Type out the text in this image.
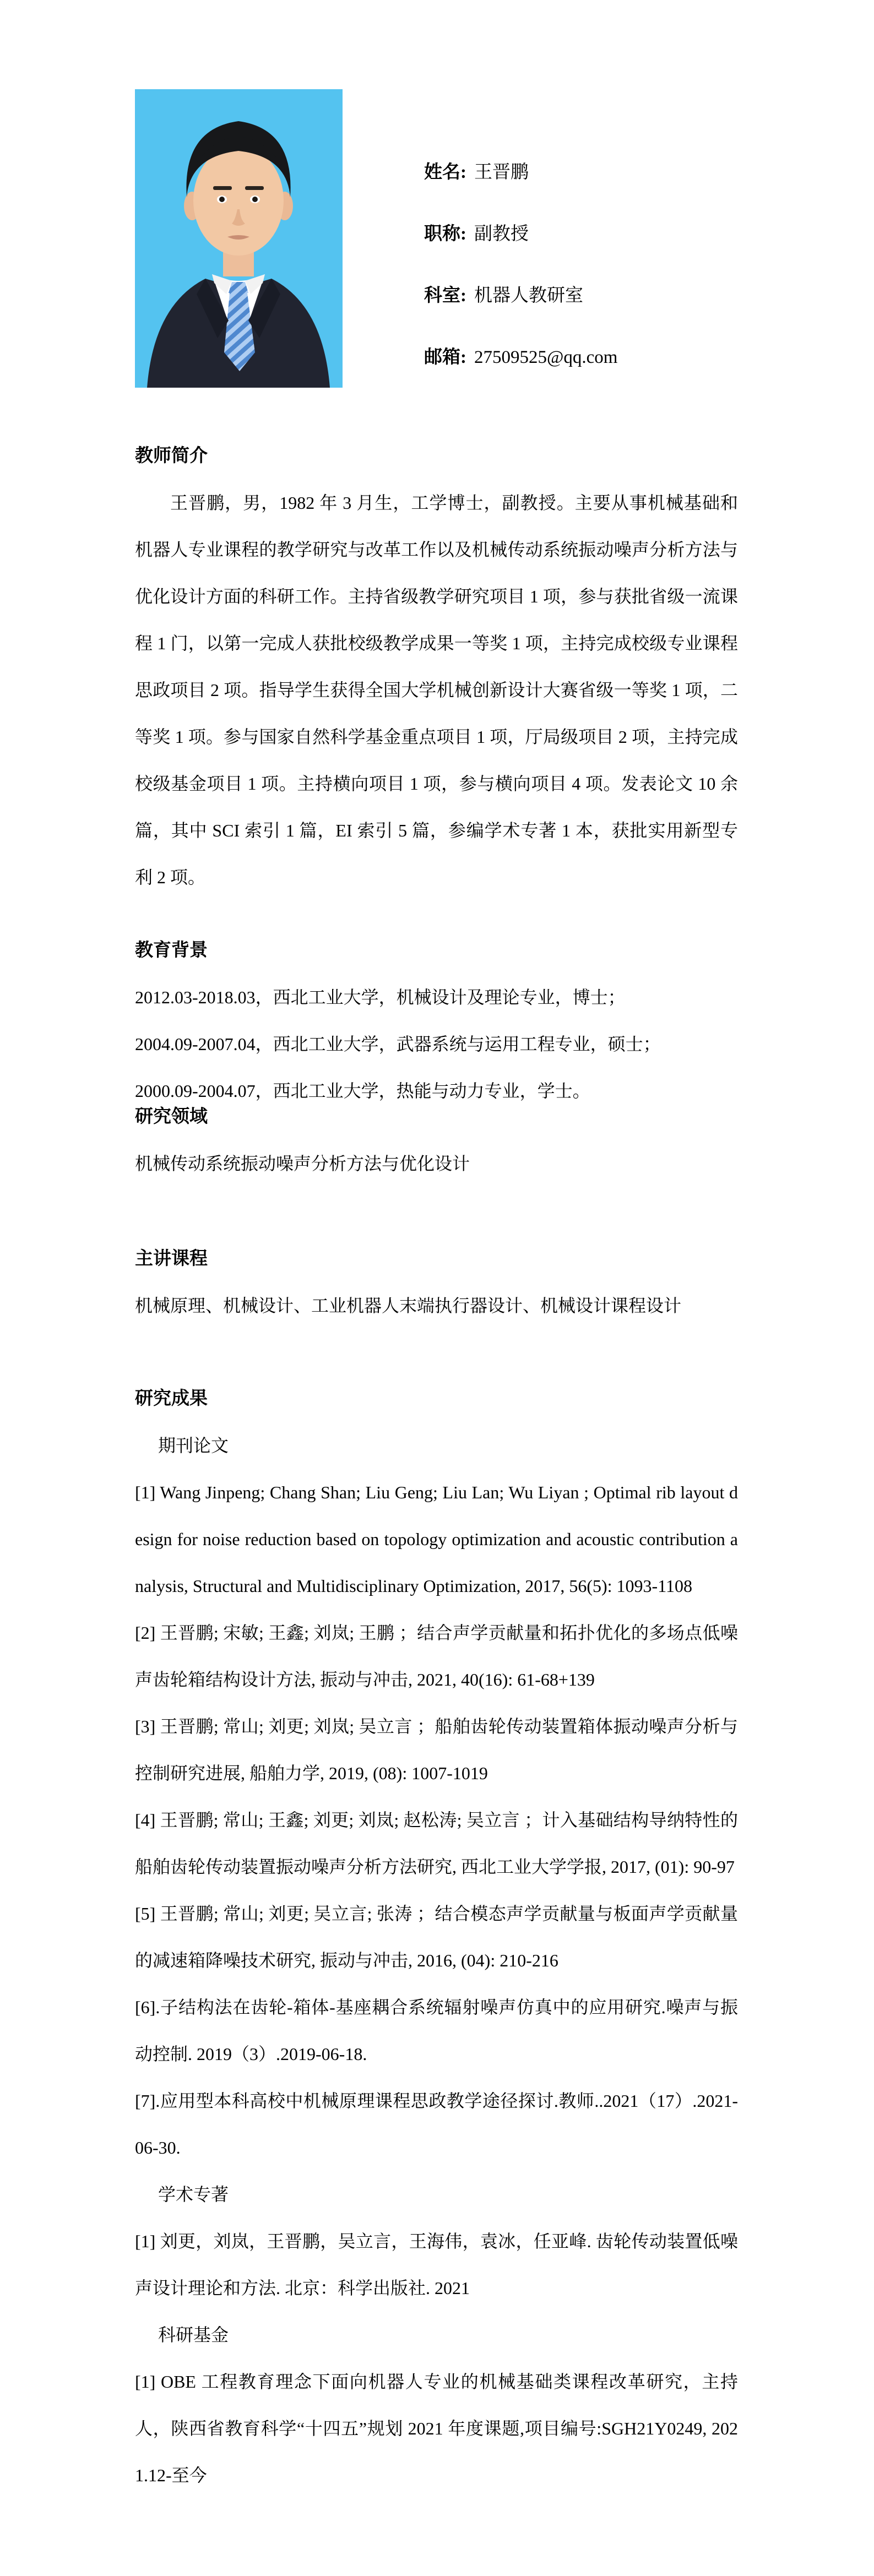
姓名: 王晋鹏
职称: 副教授
科室: 机器人教研室
邮箱: 27509525@qq.com
教师简介

王晋鹏，男，1982 年 3 月生，工学博士，副教授。主要从事机械基础和机器人专业课程的教学研究与改革工作以及机械传动系统振动噪声分析方法与优化设计方面的科研工作。主持省级教学研究项目 1 项，参与获批省级一流课程 1 门，以第一完成人获批校级教学成果一等奖 1 项，主持完成校级专业课程思政项目 2 项。指导学生获得全国大学机械创新设计大赛省级一等奖 1 项，二等奖 1 项。参与国家自然科学基金重点项目 1 项，厅局级项目 2 项，主持完成校级基金项目 1 项。主持横向项目 1 项，参与横向项目 4 项。发表论文 10 余篇，其中 SCI 索引 1 篇，EI 索引 5 篇，参编学术专著 1 本，获批实用新型专利 2 项。

教育背景
2012.03-2018.03，西北工业大学，机械设计及理论专业，博士；
2004.09-2007.04，西北工业大学，武器系统与运用工程专业，硕士；
2000.09-2004.07，西北工业大学，热能与动力专业，学士。
研究领域
机械传动系统振动噪声分析方法与优化设计
主讲课程
机械原理、机械设计、工业机器人末端执行器设计、机械设计课程设计
研究成果
期刊论文

[1] Wang Jinpeng; Chang Shan; Liu Geng; Liu Lan; Wu Liyan ; Optimal rib layout design for noise reduction based on topology optimization and acoustic contribution analysis, Structural and Multidisciplinary Optimization, 2017, 56(5): 1093-1108

[2] 王晋鹏; 宋敏; 王鑫; 刘岚; 王鹏 ；结合声学贡献量和拓扑优化的多场点低噪声齿轮箱结构设计方法, 振动与冲击, 2021, 40(16): 61-68+139

[3] 王晋鹏; 常山; 刘更; 刘岚; 吴立言 ；船舶齿轮传动装置箱体振动噪声分析与控制研究进展, 船舶力学, 2019, (08): 1007-1019

[4] 王晋鹏; 常山; 王鑫; 刘更; 刘岚; 赵松涛; 吴立言 ；计入基础结构导纳特性的船舶齿轮传动装置振动噪声分析方法研究, 西北工业大学学报, 2017, (01): 90-97

[5] 王晋鹏; 常山; 刘更; 吴立言; 张涛 ；结合模态声学贡献量与板面声学贡献量的减速箱降噪技术研究, 振动与冲击, 2016, (04): 210-216

[6].子结构法在齿轮-箱体-基座耦合系统辐射噪声仿真中的应用研究.噪声与振动控制. 2019（3）.2019-06-18.

[7].应用型本科高校中机械原理课程思政教学途径探讨.教师..2021（17）.2021-06-30.

学术专著

[1] 刘更，刘岚，王晋鹏，吴立言，王海伟，袁冰，任亚峰. 齿轮传动装置低噪声设计理论和方法. 北京：科学出版社. 2021

科研基金

[1] OBE 工程教育理念下面向机器人专业的机械基础类课程改革研究，主持人，陕西省教育科学“十四五”规划 2021 年度课题,项目编号:SGH21Y0249, 2021.12-至今
